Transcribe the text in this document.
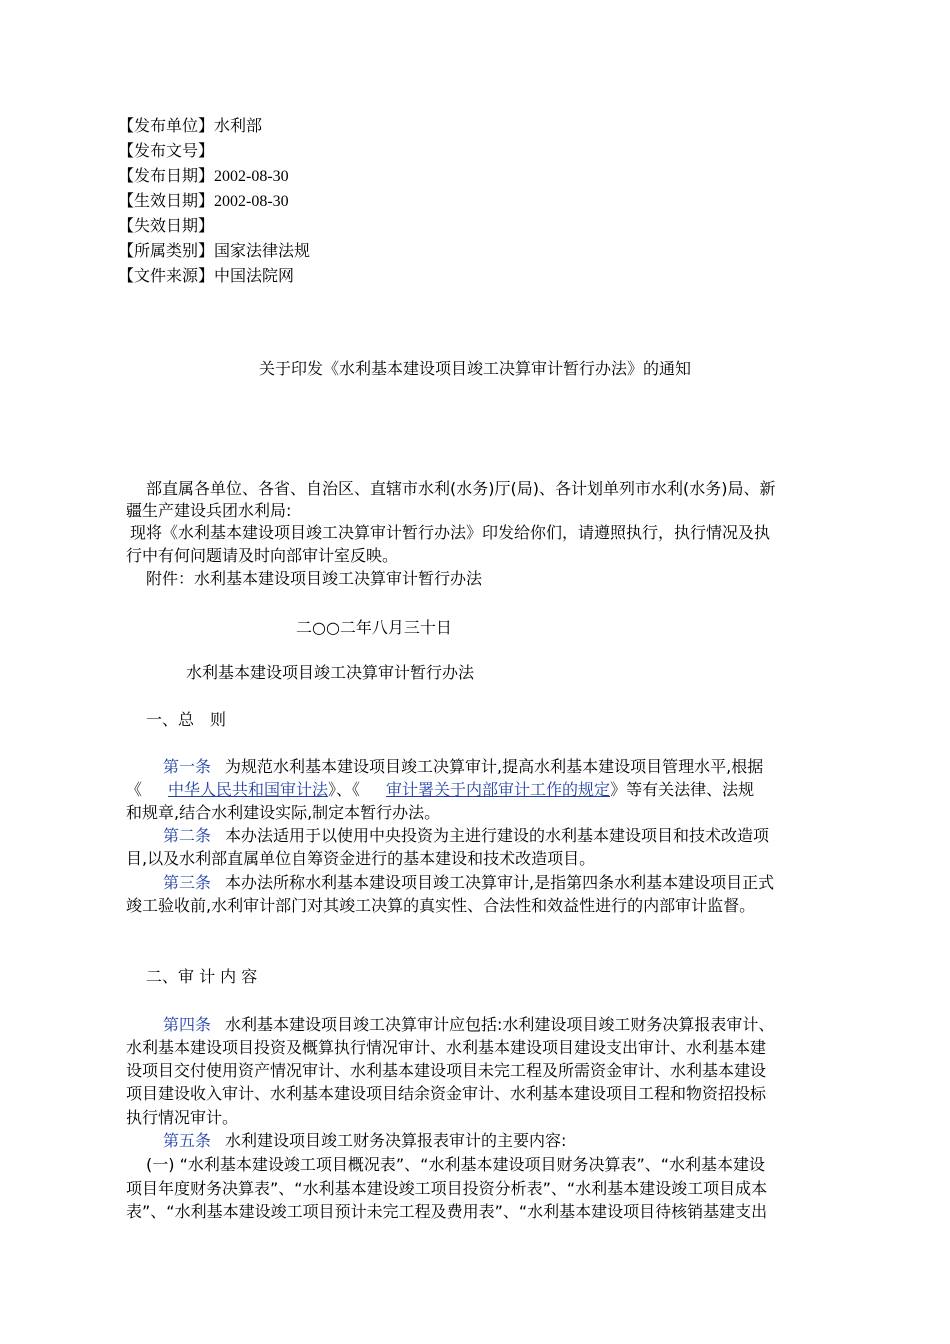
【发布单位】水利部
【发布文号】
【发布日期】2002-08-30
【生效日期】2002-08-30
【失效日期】
【所属类别】国家法律法规
【文件来源】中国法院网
关于印发《水利基本建设项目竣工决算审计暂行办法》的通知
部直属各单位、各省、自治区、直辖市水利(水务)厅(局)、各计划单列市水利(水务)局、新
疆生产建设兵团水利局:
现将《水利基本建设项目竣工决算审计暂行办法》印发给你们，请遵照执行，执行情况及执
行中有何问题请及时向部审计室反映。
附件：水利基本建设项目竣工决算审计暂行办法
二○○二年八月三十日
水利基本建设项目竣工决算审计暂行办法
一、总　则
第一条 为规范水利基本建设项目竣工决算审计,提高水利基本建设项目管理水平,根据
《 中华人民共和国审计法》、《 审计署关于内部审计工作的规定》等有关法律、法规
和规章,结合水利建设实际,制定本暂行办法。
第二条 本办法适用于以使用中央投资为主进行建设的水利基本建设项目和技术改造项
目,以及水利部直属单位自筹资金进行的基本建设和技术改造项目。
第三条 本办法所称水利基本建设项目竣工决算审计,是指第四条水利基本建设项目正式
竣工验收前,水利审计部门对其竣工决算的真实性、合法性和效益性进行的内部审计监督。
二、审 计 内 容
第四条 水利基本建设项目竣工决算审计应包括:水利建设项目竣工财务决算报表审计、
水利基本建设项目投资及概算执行情况审计、水利基本建设项目建设支出审计、水利基本建
设项目交付使用资产情况审计、水利基本建设项目未完工程及所需资金审计、水利基本建设
项目建设收入审计、水利基本建设项目结余资金审计、水利基本建设项目工程和物资招投标
执行情况审计。
第五条 水利建设项目竣工财务决算报表审计的主要内容:
(一) “水利基本建设竣工项目概况表”、“水利基本建设项目财务决算表”、“水利基本建设
项目年度财务决算表”、“水利基本建设竣工项目投资分析表”、“水利基本建设竣工项目成本
表”、“水利基本建设竣工项目预计未完工程及费用表”、“水利基本建设项目待核销基建支出
